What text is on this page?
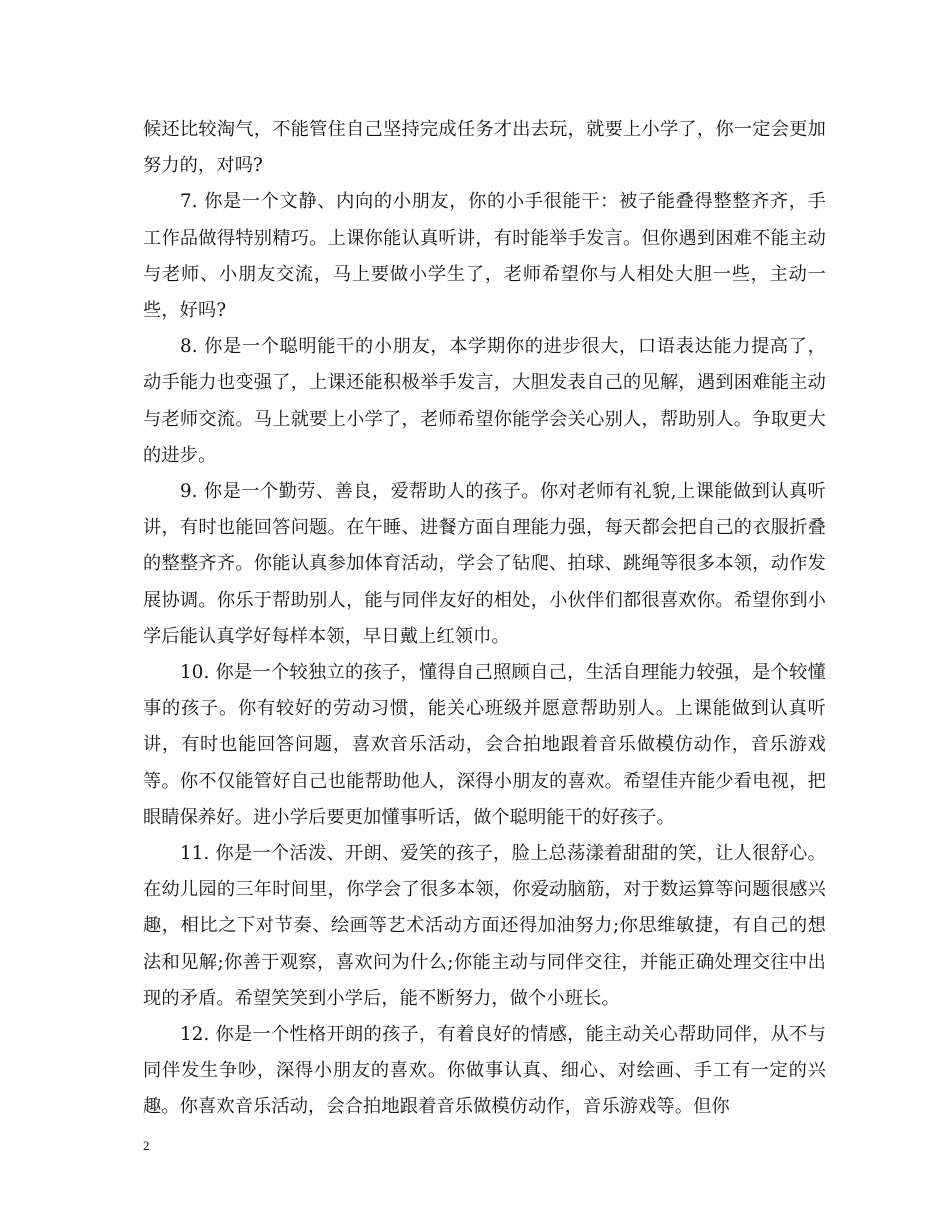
候还比较淘气，不能管住自己坚持完成任务才出去玩，就要上小学了，你一定会更加努力的，对吗?

7. 你是一个文静、内向的小朋友，你的小手很能干：被子能叠得整整齐齐，手工作品做得特别精巧。上课你能认真听讲，有时能举手发言。但你遇到困难不能主动与老师、小朋友交流，马上要做小学生了，老师希望你与人相处大胆一些，主动一些，好吗?

8. 你是一个聪明能干的小朋友，本学期你的进步很大，口语表达能力提高了，动手能力也变强了，上课还能积极举手发言，大胆发表自己的见解，遇到困难能主动与老师交流。马上就要上小学了，老师希望你能学会关心别人，帮助别人。争取更大的进步。

9. 你是一个勤劳、善良，爱帮助人的孩子。你对老师有礼貌,上课能做到认真听讲，有时也能回答问题。在午睡、进餐方面自理能力强，每天都会把自己的衣服折叠的整整齐齐。你能认真参加体育活动，学会了钻爬、拍球、跳绳等很多本领，动作发展协调。你乐于帮助别人，能与同伴友好的相处，小伙伴们都很喜欢你。希望你到小学后能认真学好每样本领，早日戴上红领巾。

10. 你是一个较独立的孩子，懂得自己照顾自己，生活自理能力较强，是个较懂事的孩子。你有较好的劳动习惯，能关心班级并愿意帮助别人。上课能做到认真听讲，有时也能回答问题，喜欢音乐活动，会合拍地跟着音乐做模仿动作，音乐游戏等。你不仅能管好自己也能帮助他人，深得小朋友的喜欢。希望佳卉能少看电视，把眼睛保养好。进小学后要更加懂事听话，做个聪明能干的好孩子。

11. 你是一个活泼、开朗、爱笑的孩子，脸上总荡漾着甜甜的笑，让人很舒心。在幼儿园的三年时间里，你学会了很多本领，你爱动脑筋，对于数运算等问题很感兴趣，相比之下对节奏、绘画等艺术活动方面还得加油努力;你思维敏捷，有自己的想法和见解;你善于观察，喜欢问为什么;你能主动与同伴交往，并能正确处理交往中出现的矛盾。希望笑笑到小学后，能不断努力，做个小班长。

12. 你是一个性格开朗的孩子，有着良好的情感，能主动关心帮助同伴，从不与同伴发生争吵，深得小朋友的喜欢。你做事认真、细心、对绘画、手工有一定的兴趣。你喜欢音乐活动，会合拍地跟着音乐做模仿动作，音乐游戏等。但你

2
